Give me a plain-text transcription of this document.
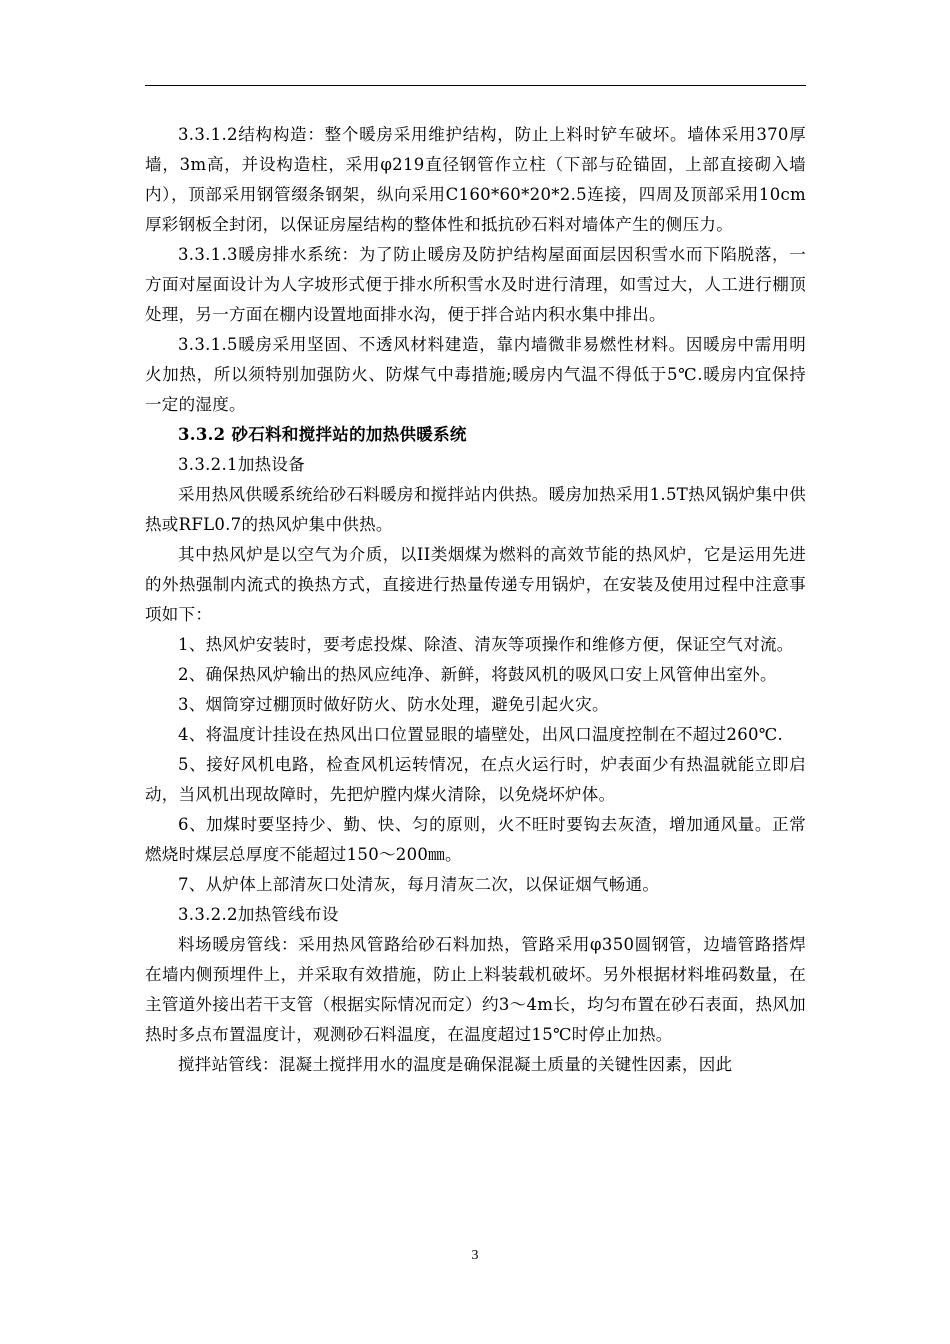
3.3.1.2结构构造：整个暖房采用维护结构，防止上料时铲车破坏。墙体采用370厚墙，3m高，并设构造柱，采用φ219直径钢管作立柱（下部与砼锚固，上部直接砌入墙内），顶部采用钢管缀条钢架，纵向采用C160*60*20*2.5连接，四周及顶部采用10cm厚彩钢板全封闭，以保证房屋结构的整体性和抵抗砂石料对墙体产生的侧压力。

3.3.1.3暖房排水系统：为了防止暖房及防护结构屋面面层因积雪水而下陷脱落，一方面对屋面设计为人字坡形式便于排水所积雪水及时进行清理，如雪过大，人工进行棚顶处理，另一方面在棚内设置地面排水沟，便于拌合站内积水集中排出。

3.3.1.5暖房采用坚固、不透风材料建造，靠内墙微非易燃性材料。因暖房中需用明火加热，所以须特别加强防火、防煤气中毒措施;暖房内气温不得低于5℃.暖房内宜保持一定的湿度。

3.3.2 砂石料和搅拌站的加热供暖系统

3.3.2.1加热设备

采用热风供暖系统给砂石料暖房和搅拌站内供热。暖房加热采用1.5T热风锅炉集中供热或RFL0.7的热风炉集中供热。

其中热风炉是以空气为介质，以II类烟煤为燃料的高效节能的热风炉，它是运用先进的外热强制内流式的换热方式，直接进行热量传递专用锅炉，在安装及使用过程中注意事项如下：

1、热风炉安装时，要考虑投煤、除渣、清灰等项操作和维修方便，保证空气对流。

2、确保热风炉输出的热风应纯净、新鲜，将鼓风机的吸风口安上风管伸出室外。

3、烟筒穿过棚顶时做好防火、防水处理，避免引起火灾。

4、将温度计挂设在热风出口位置显眼的墙壁处，出风口温度控制在不超过260℃.

5、接好风机电路，检查风机运转情况，在点火运行时，炉表面少有热温就能立即启动，当风机出现故障时，先把炉膛内煤火清除，以免烧坏炉体。

6、加煤时要坚持少、勤、快、匀的原则，火不旺时要钩去灰渣，增加通风量。正常燃烧时煤层总厚度不能超过150～200㎜。

7、从炉体上部清灰口处清灰，每月清灰二次，以保证烟气畅通。

3.3.2.2加热管线布设

料场暖房管线：采用热风管路给砂石料加热，管路采用φ350圆钢管，边墙管路搭焊在墙内侧预埋件上，并采取有效措施，防止上料装载机破坏。另外根据材料堆码数量，在主管道外接出若干支管（根据实际情况而定）约3～4m长，均匀布置在砂石表面，热风加热时多点布置温度计，观测砂石料温度，在温度超过15℃时停止加热。

搅拌站管线：混凝土搅拌用水的温度是确保混凝土质量的关键性因素，因此

3
